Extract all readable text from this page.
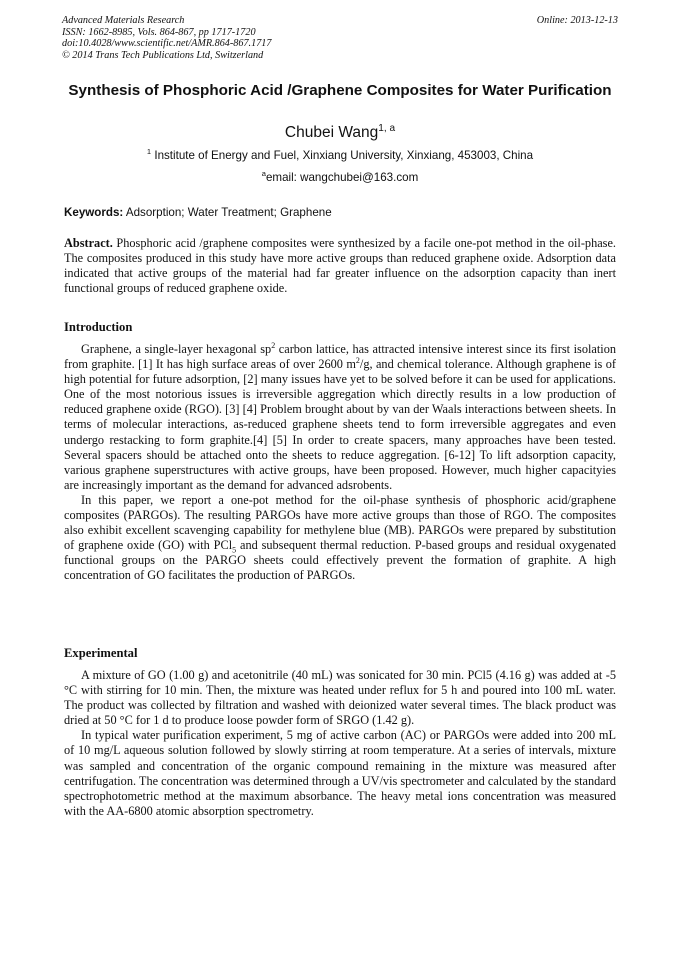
Advanced Materials Research
ISSN: 1662-8985, Vols. 864-867, pp 1717-1720
doi:10.4028/www.scientific.net/AMR.864-867.1717
© 2014 Trans Tech Publications Ltd, Switzerland
Online: 2013-12-13
Synthesis of Phosphoric Acid /Graphene Composites for Water Purification
Chubei Wang$^{1, a}$
$^1$ Institute of Energy and Fuel, Xinxiang University, Xinxiang, 453003, China
$^a$email: wangchubei@163.com
Keywords: Adsorption; Water Treatment; Graphene

Abstract. Phosphoric acid /graphene composites were synthesized by a facile one-pot method in the oil-phase. The composites produced in this study have more active groups than reduced graphene oxide. Adsorption data indicated that active groups of the material had far greater influence on the adsorption capacity than inert functional groups of reduced graphene oxide.

Introduction

Graphene, a single-layer hexagonal $sp^2$ carbon lattice, has attracted intensive interest since its first isolation from graphite. [1] It has high surface areas of over 2600 $m^2/g$, and chemical tolerance. Although graphene is of high potential for future adsorption, [2] many issues have yet to be solved before it can be used for applications. One of the most notorious issues is irreversible aggregation which directly results in a low production of reduced graphene oxide (RGO). [3] [4] Problem brought about by van der Waals interactions between sheets. In terms of molecular interactions, as-reduced graphene sheets tend to form irreversible aggregates and even undergo restacking to form graphite.[4] [5] In order to create spacers, many approaches have been tested. Several spacers should be attached onto the sheets to reduce aggregation. [6-12] To lift adsorption capacity, various graphene superstructures with active groups, have been proposed. However, much higher capacityies are increasingly important as the demand for advanced adsrobents.

In this paper, we report a one-pot method for the oil-phase synthesis of phosphoric acid/graphene composites (PARGOs). The resulting PARGOs have more active groups than those of RGO. The composites also exhibit excellent scavenging capability for methylene blue (MB). PARGOs were prepared by substitution of graphene oxide (GO) with PCl$_5$ and subsequent thermal reduction. P-based groups and residual oxygenated functional groups on the PARGO sheets could effectively prevent the formation of graphite. A high concentration of GO facilitates the production of PARGOs.

Experimental

A mixture of GO (1.00 g) and acetonitrile (40 mL) was sonicated for 30 min. PCl5 (4.16 g) was added at -5 °C with stirring for 10 min. Then, the mixture was heated under reflux for 5 h and poured into 100 mL water. The product was collected by filtration and washed with deionized water several times. The black product was dried at 50 °C for 1 d to produce loose powder form of SRGO (1.42 g).

In typical water purification experiment, 5 mg of active carbon (AC) or PARGOs were added into 200 mL of 10 mg/L aqueous solution followed by slowly stirring at room temperature. At a series of intervals, mixture was sampled and concentration of the organic compound remaining in the mixture was measured after centrifugation. The concentration was determined through a UV/vis spectrometer and calculated by the standard spectrophotometric method at the maximum absorbance. The heavy metal ions concentration was measured with the AA-6800 atomic absorption spectrometry.
